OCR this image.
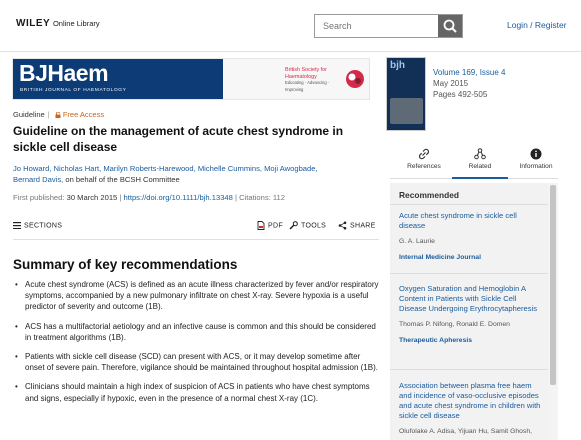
WILEY Online Library
Search	Login / Register
BJHaem
BRITISH JOURNAL OF HAEMATOLOGY
British Society for
Haematology
Educating · Advancing · Improving
bjh
Volume 169, Issue 4
May 2015
Pages 492-505
Guideline | Free Access
Guideline on the management of acute chest syndrome in sickle cell disease
Jo Howard, Nicholas Hart, Marilyn Roberts-Harewood, Michelle Cummins, Moji Awogbade,
Bernard Davis, on behalf of the BCSH Committee
First published: 30 March 2015 | https://doi.org/10.1111/bjh.13348 | Citations: 112
SECTIONS	PDF	TOOLS	SHARE
Summary of key recommendations
• Acute chest syndrome (ACS) is defined as an acute illness characterized by fever and/or respiratory symptoms, accompanied by a new pulmonary infiltrate on chest X-ray. Severe hypoxia is a useful predictor of severity and outcome (1B).
• ACS has a multifactorial aetiology and an infective cause is common and this should be considered in treatment algorithms (1B).
• Patients with sickle cell disease (SCD) can present with ACS, or it may develop sometime after onset of severe pain. Therefore, vigilance should be maintained throughout hospital admission (1B).
• Clinicians should maintain a high index of suspicion of ACS in patients who have chest symptoms and signs, especially if hypoxic, even in the presence of a normal chest X-ray (1C).
References	Related	Information
Recommended
Acute chest syndrome in sickle cell disease
G. A. Laurie
Internal Medicine Journal
Oxygen Saturation and Hemoglobin A Content in Patients with Sickle Cell Disease Undergoing Erythrocytapheresis
Thomas P. Nifong, Ronald E. Domen
Therapeutic Apheresis
Association between plasma free haem and incidence of vaso-occlusive episodes and acute chest syndrome in children with sickle cell disease
Olufolake A. Adisa, Yijuan Hu, Samit Ghosh,
